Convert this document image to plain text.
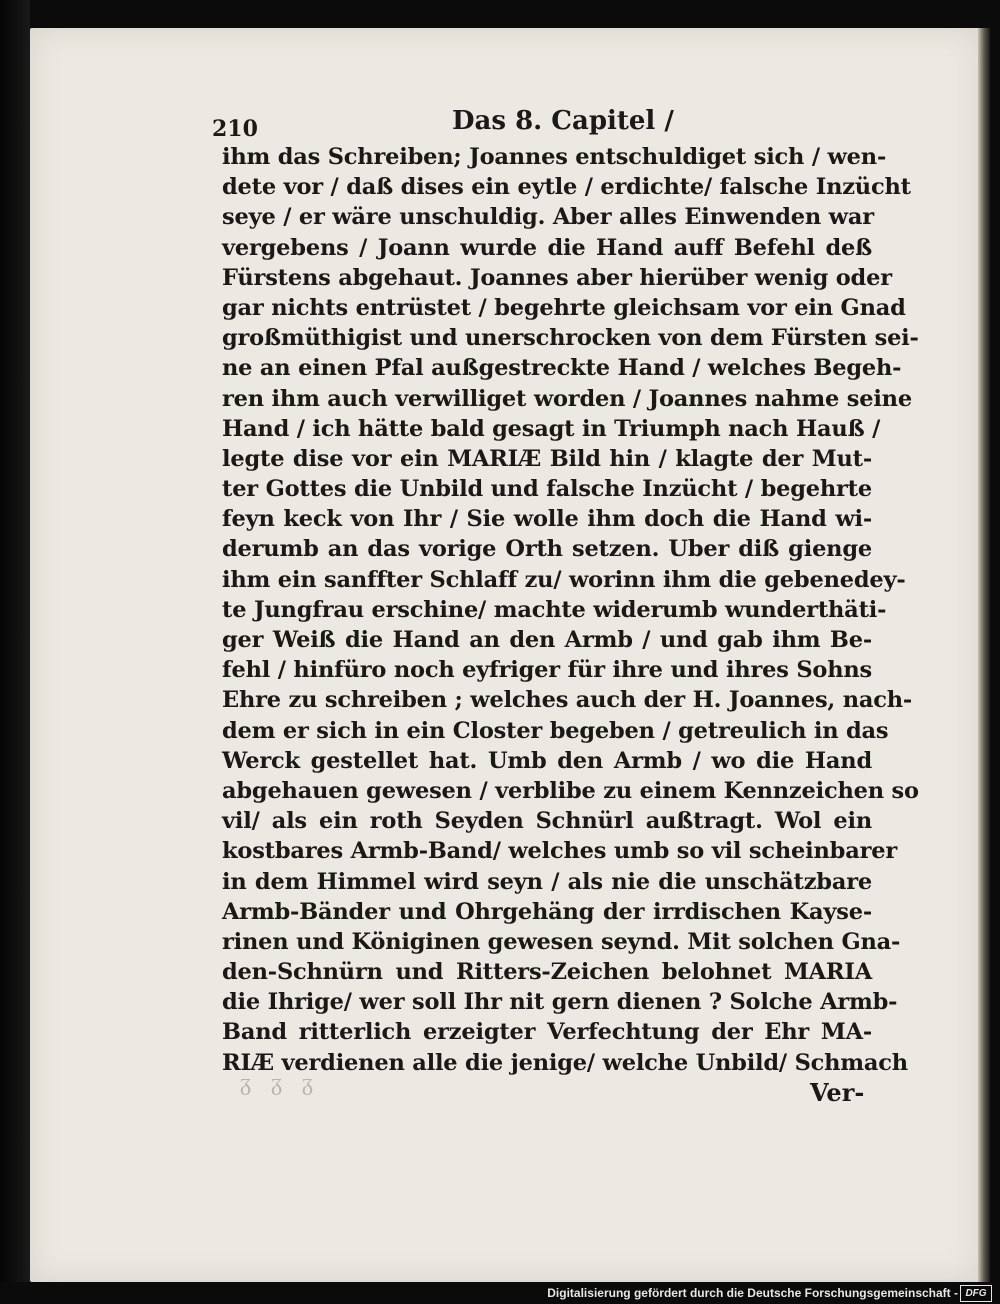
210	Das 8. Capitel /
ihm das Schreiben; Joannes entschuldiget sich / wen-
dete vor / daß dises ein eytle / erdichte/ falsche Inzücht
seye / er wäre unschuldig. Aber alles Einwenden war
vergebens / Joann wurde die Hand auff Befehl deß
Fürstens abgehaut. Joannes aber hierüber wenig oder
gar nichts entrüstet / begehrte gleichsam vor ein Gnad
großmüthigist und unerschrocken von dem Fürsten sei-
ne an einen Pfal außgestreckte Hand / welches Begeh-
ren ihm auch verwilliget worden / Joannes nahme seine
Hand / ich hätte bald gesagt in Triumph nach Hauß /
legte dise vor ein MARIÆ Bild hin / klagte der Mut-
ter Gottes die Unbild und falsche Inzücht / begehrte
feyn keck von Ihr / Sie wolle ihm doch die Hand wi-
derumb an das vorige Orth setzen. Uber diß gienge
ihm ein sanffter Schlaff zu/ worinn ihm die gebenedey-
te Jungfrau erschine/ machte widerumb wunderthäti-
ger Weiß die Hand an den Armb / und gab ihm Be-
fehl / hinfüro noch eyfriger für ihre und ihres Sohns
Ehre zu schreiben ; welches auch der H. Joannes, nach-
dem er sich in ein Closter begeben / getreulich in das
Werck gestellet hat. Umb den Armb / wo die Hand
abgehauen gewesen / verblibe zu einem Kennzeichen so
vil/ als ein roth Seyden Schnürl außtragt. Wol ein
kostbares Armb-Band/ welches umb so vil scheinbarer
in dem Himmel wird seyn / als nie die unschätzbare
Armb-Bänder und Ohrgehäng der irrdischen Kayse-
rinen und Königinen gewesen seynd. Mit solchen Gna-
den-Schnürn und Ritters-Zeichen belohnet MARIA
die Ihrige/ wer soll Ihr nit gern dienen ? Solche Armb-
Band ritterlich erzeigter Verfechtung der Ehr MA-
RIÆ verdienen alle die jenige/ welche Unbild/ Schmach
ᵹ ᵹ ᵹ	Ver-
Digitalisierung gefördert durch die Deutsche Forschungsgemeinschaft - DFG
